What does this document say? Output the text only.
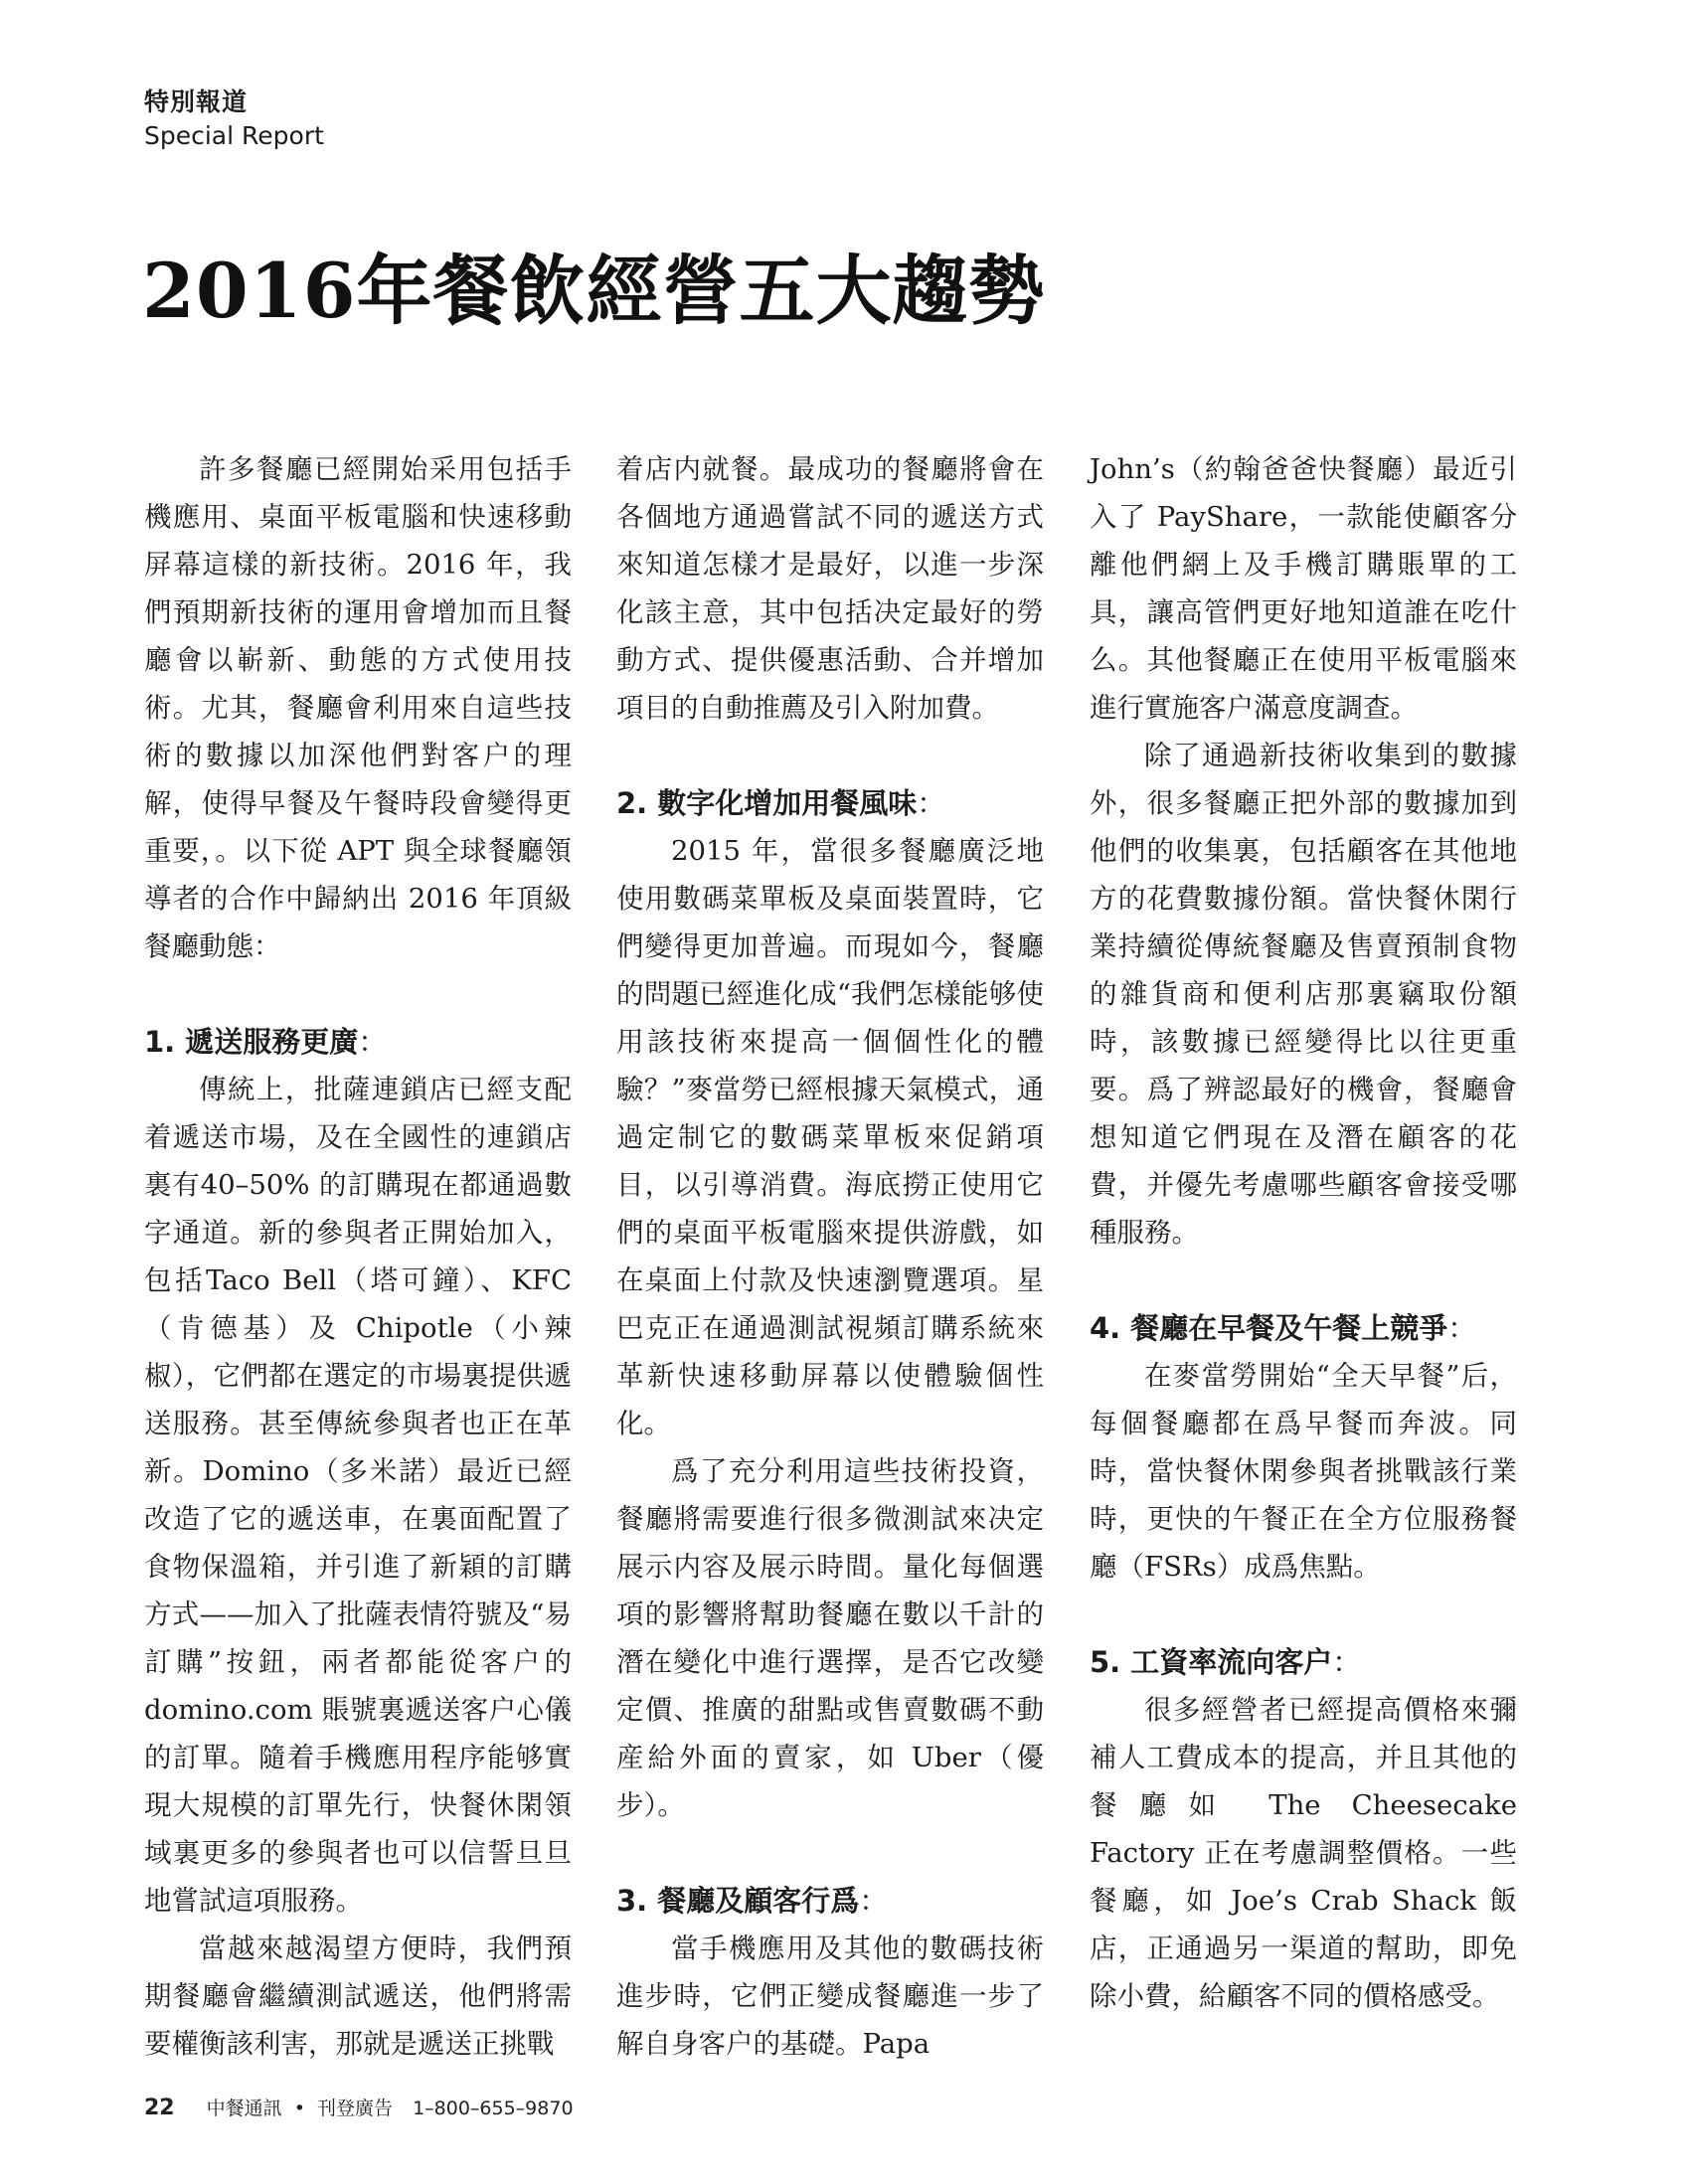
特別報道
Special Report
2016年餐飲經營五大趨勢

許多餐廳已經開始采用包括手機應用、桌面平板電腦和快速移動屏幕這樣的新技術。2016 年，我們預期新技術的運用會增加而且餐廳會以嶄新、動態的方式使用技術。尤其，餐廳會利用來自這些技術的數據以加深他們對客户的理解，使得早餐及午餐時段會變得更重要，。以下從 APT 與全球餐廳領導者的合作中歸納出 2016 年頂級餐廳動態：

1. 遞送服務更廣：

傳統上，批薩連鎖店已經支配着遞送市場，及在全國性的連鎖店裏有40–50% 的訂購現在都通過數字通道。新的參與者正開始加入，包括Taco Bell（塔可鐘）、KFC（肯德基）及 Chipotle（小辣椒），它們都在選定的市場裏提供遞送服務。甚至傳統參與者也正在革新。Domino（多米諾）最近已經改造了它的遞送車，在裏面配置了食物保溫箱，并引進了新穎的訂購方式——加入了批薩表情符號及“易訂購”按鈕，兩者都能從客户的 domino.com 賬號裏遞送客户心儀的訂單。隨着手機應用程序能够實現大規模的訂單先行，快餐休閑領域裏更多的參與者也可以信誓旦旦地嘗試這項服務。

當越來越渴望方便時，我們預期餐廳會繼續測試遞送，他們將需要權衡該利害，那就是遞送正挑戰

着店内就餐。最成功的餐廳將會在各個地方通過嘗試不同的遞送方式來知道怎樣才是最好，以進一步深化該主意，其中包括决定最好的勞動方式、提供優惠活動、合并增加項目的自動推薦及引入附加費。

2. 數字化增加用餐風味：

2015 年，當很多餐廳廣泛地使用數碼菜單板及桌面裝置時，它們變得更加普遍。而現如今，餐廳的問題已經進化成“我們怎樣能够使用該技術來提高一個個性化的體驗？”麥當勞已經根據天氣模式，通過定制它的數碼菜單板來促銷項目，以引導消費。海底撈正使用它們的桌面平板電腦來提供游戲，如在桌面上付款及快速瀏覽選項。星巴克正在通過測試視頻訂購系統來革新快速移動屏幕以使體驗個性化。

爲了充分利用這些技術投資，餐廳將需要進行很多微測試來决定展示内容及展示時間。量化每個選項的影響將幫助餐廳在數以千計的潛在變化中進行選擇，是否它改變定價、推廣的甜點或售賣數碼不動産給外面的賣家，如 Uber（優步）。

3. 餐廳及顧客行爲：

當手機應用及其他的數碼技術進步時，它們正變成餐廳進一步了解自身客户的基礎。Papa

John’s（約翰爸爸快餐廳）最近引入了 PayShare，一款能使顧客分離他們網上及手機訂購賬單的工具，讓高管們更好地知道誰在吃什么。其他餐廳正在使用平板電腦來進行實施客户滿意度調查。

除了通過新技術收集到的數據外，很多餐廳正把外部的數據加到他們的收集裏，包括顧客在其他地方的花費數據份額。當快餐休閑行業持續從傳統餐廳及售賣預制食物的雜貨商和便利店那裏竊取份額時，該數據已經變得比以往更重要。爲了辨認最好的機會，餐廳會想知道它們現在及潛在顧客的花費，并優先考慮哪些顧客會接受哪種服務。

4. 餐廳在早餐及午餐上競爭：

在麥當勞開始“全天早餐”后，每個餐廳都在爲早餐而奔波。同時，當快餐休閑參與者挑戰該行業時，更快的午餐正在全方位服務餐廳（FSRs）成爲焦點。

5. 工資率流向客户：

很多經營者已經提高價格來彌補人工費成本的提高，并且其他的餐廳如 The Cheesecake Factory 正在考慮調整價格。一些餐廳，如 Joe’s Crab Shack 飯店，正通過另一渠道的幫助，即免除小費，給顧客不同的價格感受。

22 中餐通訊 • 刊登廣告 1–800–655–9870
